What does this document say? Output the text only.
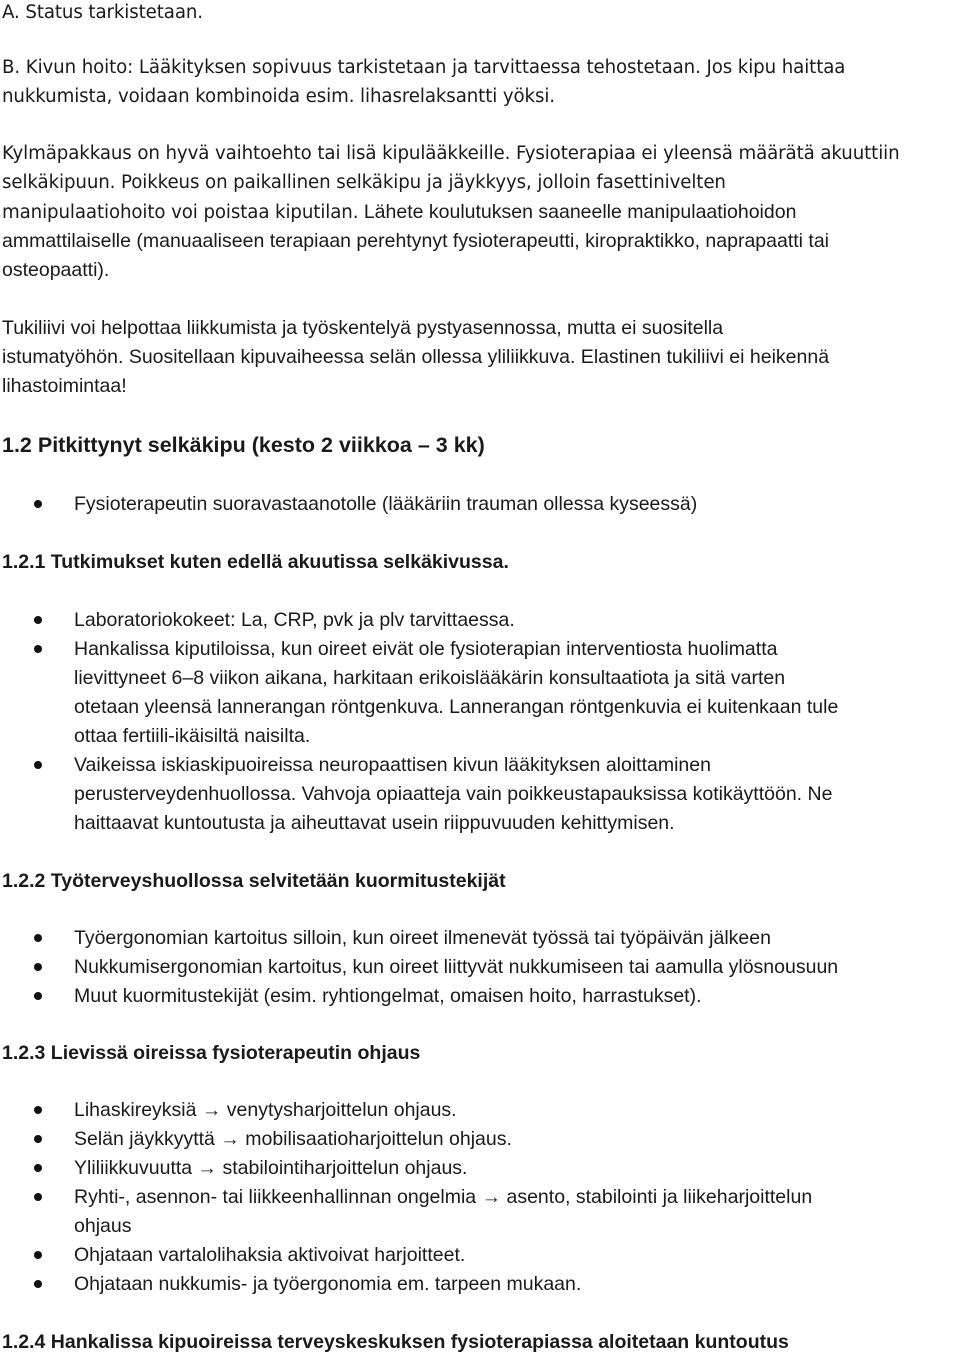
A. Status tarkistetaan.
B. Kivun hoito: Lääkityksen sopivuus tarkistetaan ja tarvittaessa tehostetaan. Jos kipu haittaa
nukkumista, voidaan kombinoida esim. lihasrelaksantti yöksi.
Kylmäpakkaus on hyvä vaihtoehto tai lisä kipulääkkeille. Fysioterapiaa ei yleensä määrätä akuuttiin
selkäkipuun. Poikkeus on paikallinen selkäkipu ja jäykkyys, jolloin fasettinivelten
manipulaatiohoito voi poistaa kiputilan. Lähete koulutuksen saaneelle manipulaatiohoidon
ammattilaiselle (manuaaliseen terapiaan perehtynyt fysioterapeutti, kiropraktikko, naprapaatti tai
osteopaatti).
Tukiliivi voi helpottaa liikkumista ja työskentelyä pystyasennossa, mutta ei suositella
istumatyöhön. Suositellaan kipuvaiheessa selän ollessa yliliikkuva. Elastinen tukiliivi ei heikennä
lihastoimintaa!
1.2 Pitkittynyt selkäkipu (kesto 2 viikkoa – 3 kk)
Fysioterapeutin suoravastaanotolle (lääkäriin trauman ollessa kyseessä)
1.2.1 Tutkimukset kuten edellä akuutissa selkäkivussa.
Laboratoriokokeet: La, CRP, pvk ja plv tarvittaessa.
Hankalissa kiputiloissa, kun oireet eivät ole fysioterapian interventiosta huolimatta
lievittyneet 6–8 viikon aikana, harkitaan erikoislääkärin konsultaatiota ja sitä varten
otetaan yleensä lannerangan röntgenkuva. Lannerangan röntgenkuvia ei kuitenkaan tule
ottaa fertiili-ikäisiltä naisilta.
Vaikeissa iskiaskipuoireissa neuropaattisen kivun lääkityksen aloittaminen
perusterveydenhuollossa. Vahvoja opiaatteja vain poikkeustapauksissa kotikäyttöön. Ne
haittaavat kuntoutusta ja aiheuttavat usein riippuvuuden kehittymisen.
1.2.2 Työterveyshuollossa selvitetään kuormitustekijät
Työergonomian kartoitus silloin, kun oireet ilmenevät työssä tai työpäivän jälkeen
Nukkumisergonomian kartoitus, kun oireet liittyvät nukkumiseen tai aamulla ylösnousuun
Muut kuormitustekijät (esim. ryhtiongelmat, omaisen hoito, harrastukset).
1.2.3 Lievissä oireissa fysioterapeutin ohjaus
Lihaskireyksiä → venytysharjoittelun ohjaus.
Selän jäykkyyttä → mobilisaatioharjoittelun ohjaus.
Yliliikkuvuutta → stabilointiharjoittelun ohjaus.
Ryhti-, asennon- tai liikkeenhallinnan ongelmia → asento, stabilointi ja liikeharjoittelun
ohjaus
Ohjataan vartalolihaksia aktivoivat harjoitteet.
Ohjataan nukkumis- ja työergonomia em. tarpeen mukaan.
1.2.4 Hankalissa kipuoireissa terveyskeskuksen fysioterapiassa aloitetaan kuntoutus
